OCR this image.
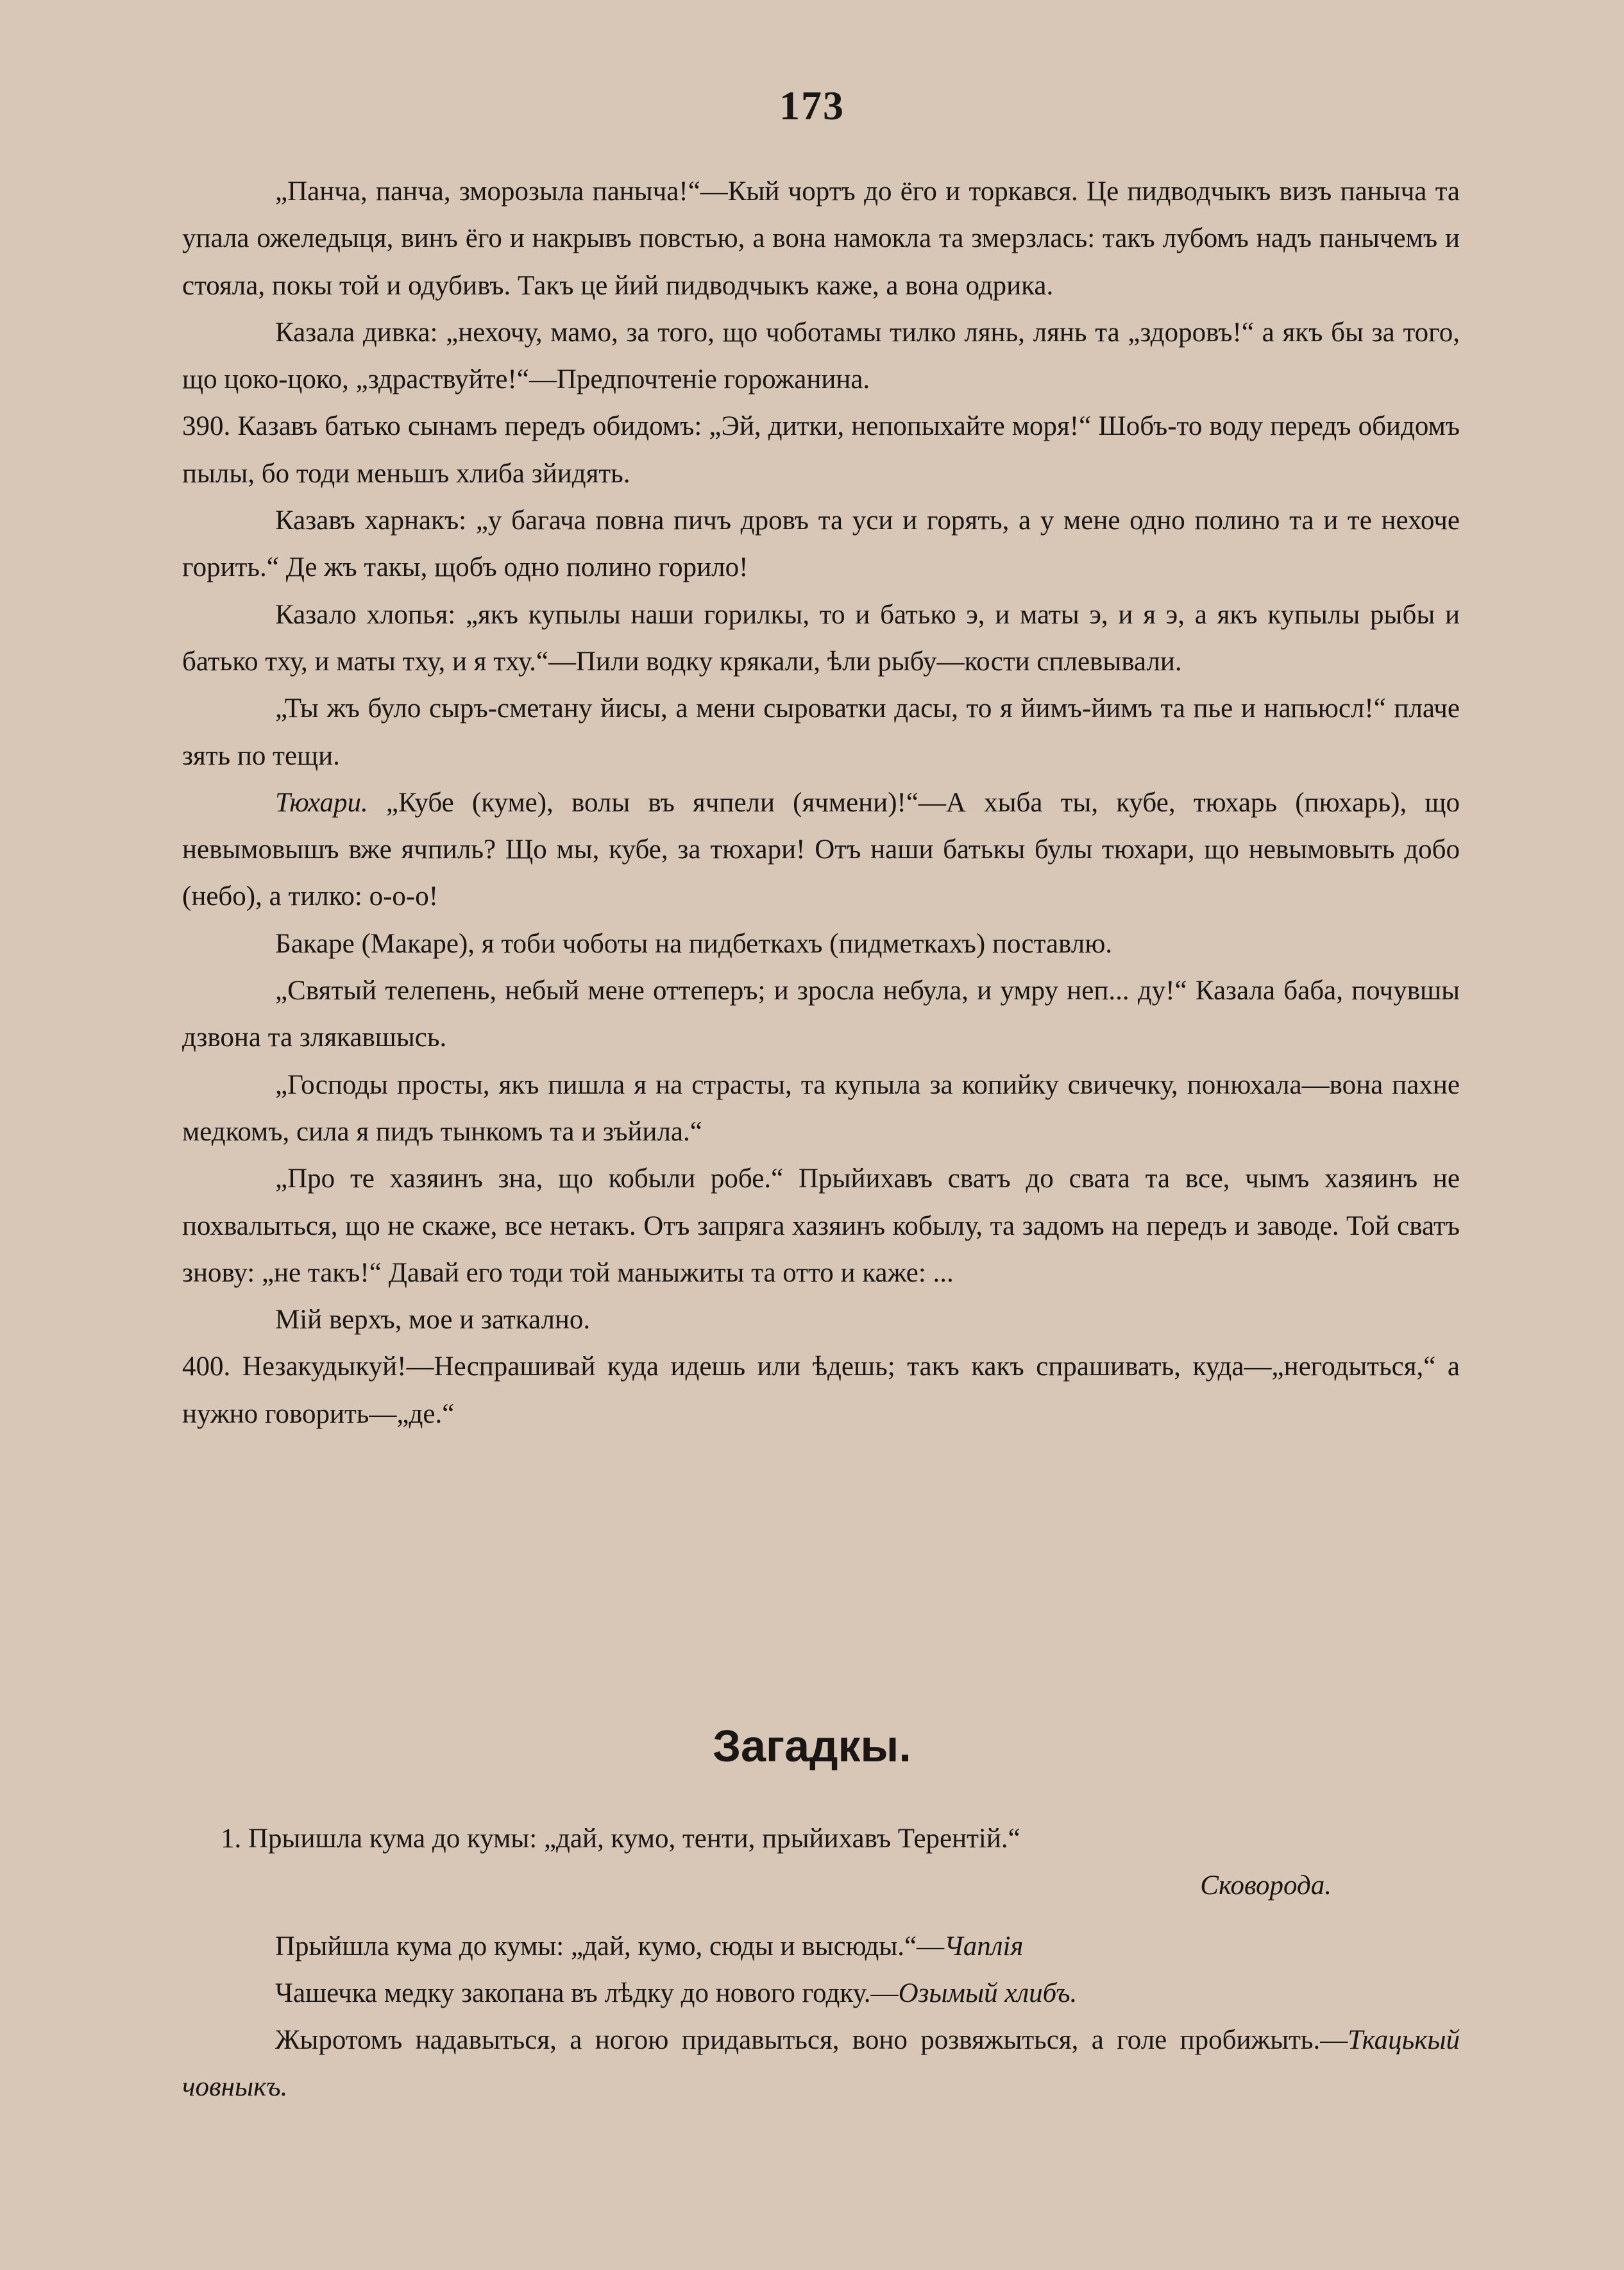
173

„Панча, панча, зморозыла паныча!“—Кый чортъ до ёго и торкався. Це пидводчыкъ визъ паныча та упала ожеледыця, винъ ёго и накрывъ повстью, а вона намокла та змерзлась: такъ лубомъ надъ панычемъ и стояла, покы той и одубивъ. Такъ це йий пидводчыкъ каже, а вона одрика.

Казала дивка: „нехочу, мамо, за того, що чоботамы тилко лянь, лянь та „здоровъ!“ а якъ бы за того, що цоко-цоко, „здраствуйте!“—Предпочтеніе горожанина.

390. Казавъ батько сынамъ передъ обидомъ: „Эй, дитки, непопыхайте моря!“ Шобъ-то воду передъ обидомъ пылы, бо тоди меньшъ хлиба зйидять.

Казавъ харнакъ: „у багача повна пичъ дровъ та уси и горять, а у мене одно полино та и те нехоче горить.“ Де жъ такы, щобъ одно полино горило!

Казало хлопья: „якъ купылы наши горилкы, то и батько э, и маты э, и я э, а якъ купылы рыбы и батько тху, и маты тху, и я тху.“—Пили водку крякали, ѣли рыбу—кости сплевывали.

„Ты жъ було сыръ-сметану йисы, а мени сыроватки дасы, то я йимъ-йимъ та пье и напьюсл!“ плаче зять по тещи.

Тюхари. „Кубе (куме), волы въ ячпели (ячмени)!“—А хыба ты, кубе, тюхарь (пюхарь), що невымовышъ вже ячпиль? Що мы, кубе, за тюхари! Отъ наши батькы булы тюхари, що невымовыть добо (небо), а тилко: о-о-о!

Бакаре (Макаре), я тоби чоботы на пидбеткахъ (пидметкахъ) поставлю.

„Святый телепень, небый мене оттеперъ; и зросла небула, и умру неп... ду!“ Казала баба, почувшы дзвона та злякавшысь.

„Господы просты, якъ пишла я на страсты, та купыла за копийку свичечку, понюхала—вона пахне медкомъ, сила я пидъ тынкомъ та и зъйила.“

„Про те хазяинъ зна, що кобыли робе.“ Прыйихавъ сватъ до свата та все, чымъ хазяинъ не похвалыться, що не скаже, все нетакъ. Отъ запряга хазяинъ кобылу, та задомъ на передъ и заводе. Той сватъ знову: „не такъ!“ Давай его тоди той маныжиты та отто и каже: ...

Мій верхъ, мое и заткално.

400. Незакудыкуй!—Неспрашивай куда идешь или ѣдешь; такъ какъ спрашивать, куда—„негодыться,“ а нужно говорить—„де.“

Загадкы.

1. Прыишла кума до кумы: „дай, кумо, тенти, прыйихавъ Терентій.“

Сковорода.

Прыйшла кума до кумы: „дай, кумо, сюды и высюды.“—Чаплія

Чашечка медку закопана въ лѣдку до нового годку.—Озымый хлибъ.

Жыротомъ надавыться, а ногою придавыться, воно розвяжыться, а голе пробижыть.—Ткацькый човныкъ.
